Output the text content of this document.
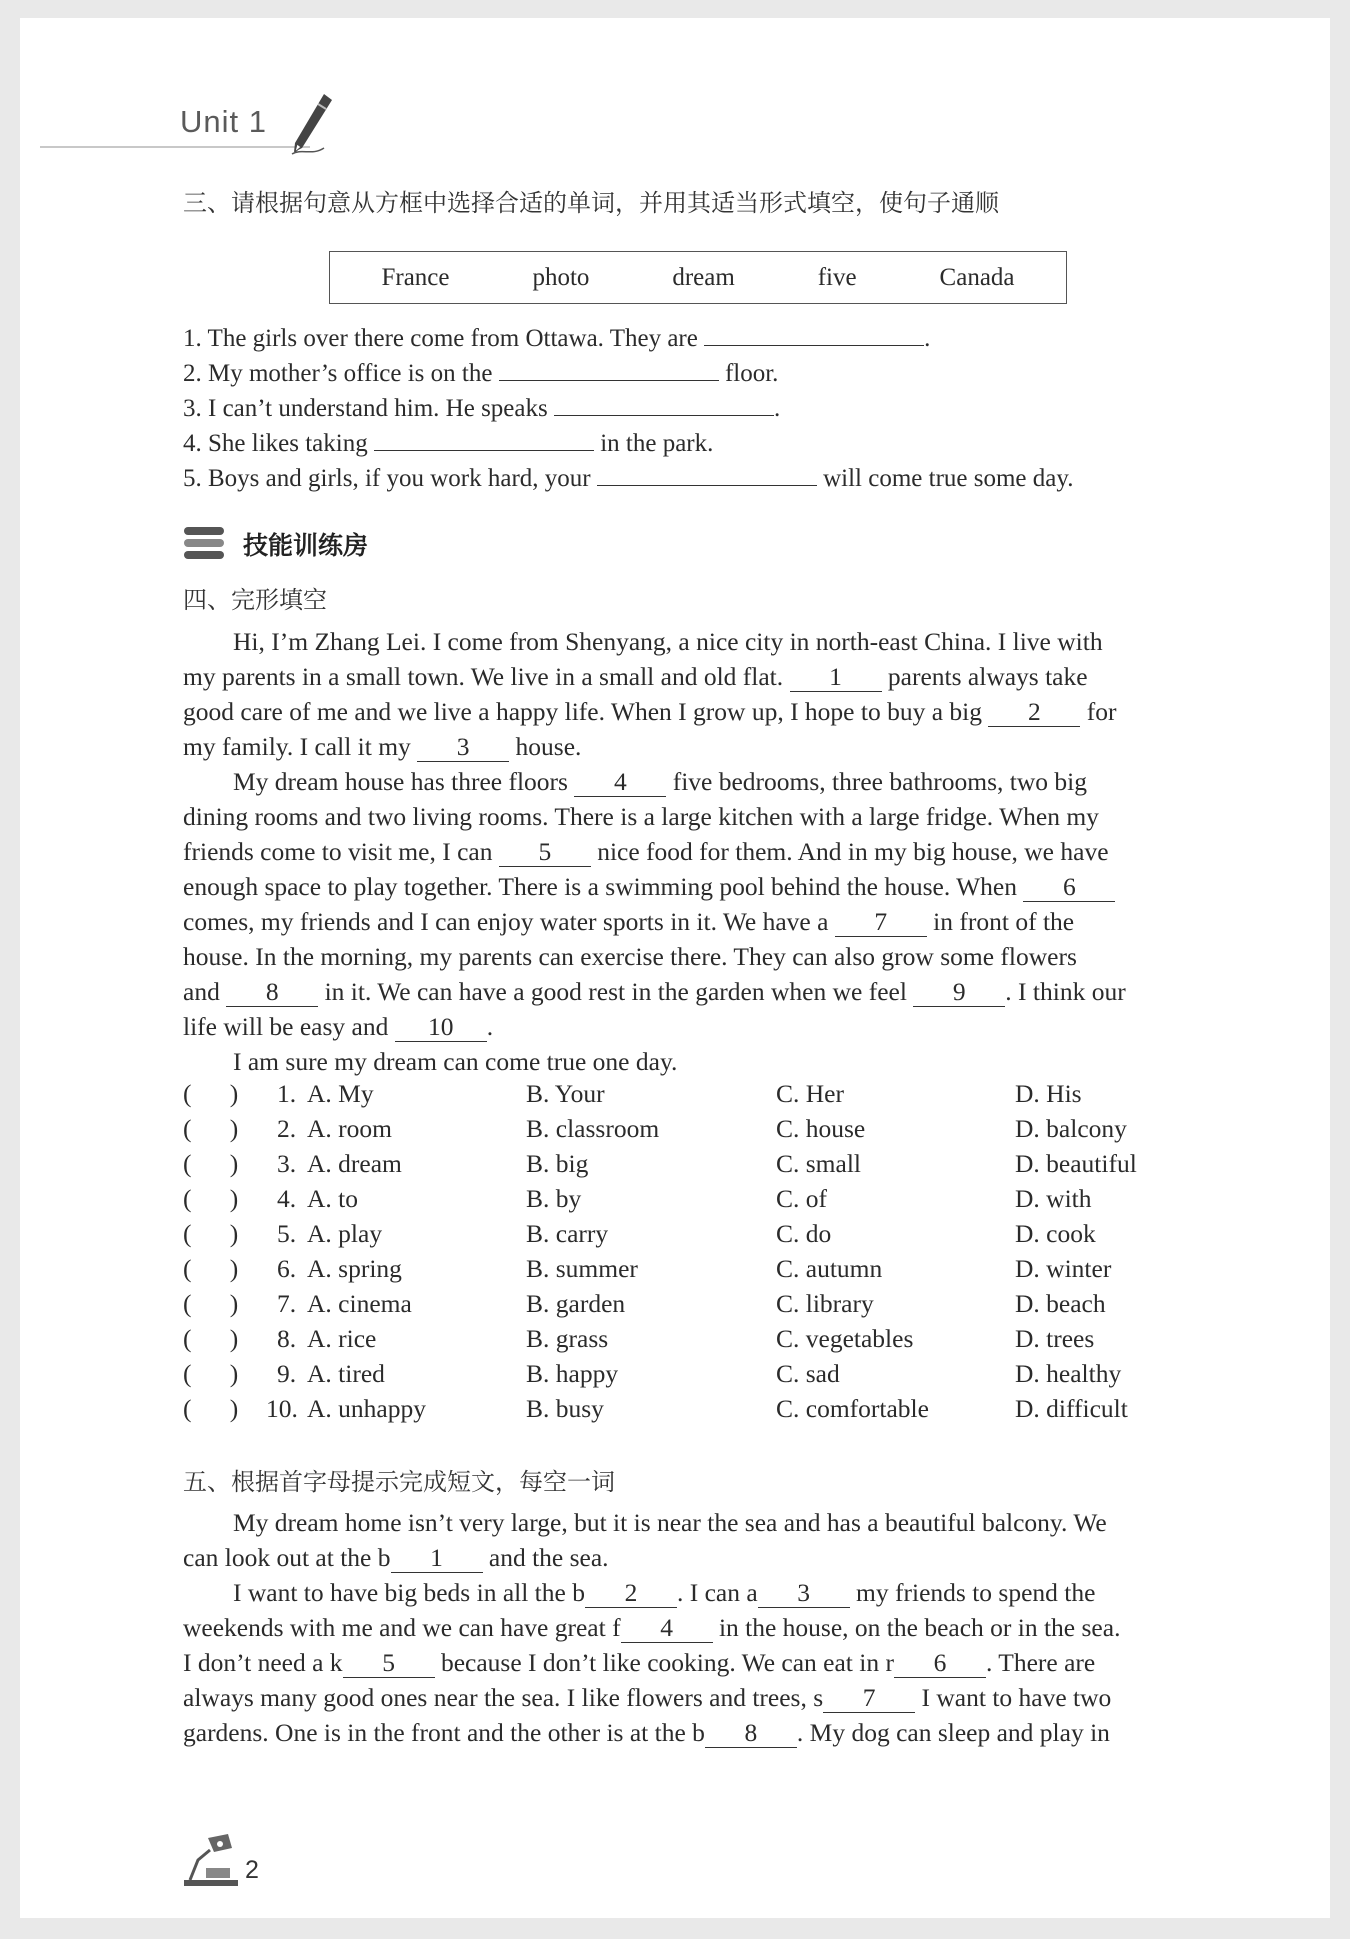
Unit 1
三、请根据句意从方框中选择合适的单词，并用其适当形式填空，使句子通顺
France	photo	dream	five	Canada
1. The girls over there come from Ottawa. They are	.
2. My mother’s office is on the	floor.
3. I can’t understand him. He speaks	.
4. She likes taking	in the park.
5. Boys and girls, if you work hard, your	will come true some day.
技能训练房
四、完形填空

Hi, I’m Zhang Lei. I come from Shenyang, a nice city in north-east China. I live with

my parents in a small town. We live in a small and old flat. 1 parents always take

good care of me and we live a happy life. When I grow up, I hope to buy a big 2 for

my family. I call it my 3 house.

My dream house has three floors 4 five bedrooms, three bathrooms, two big

dining rooms and two living rooms. There is a large kitchen with a large fridge. When my

friends come to visit me, I can 5 nice food for them. And in my big house, we have

enough space to play together. There is a swimming pool behind the house. When 6

comes, my friends and I can enjoy water sports in it. We have a 7 in front of the

house. In the morning, my parents can exercise there. They can also grow some flowers

and 8 in it. We can have a good rest in the garden when we feel 9 . I think our

life will be easy and 10 .

I am sure my dream can come true one day.

(      ) 1. A. My	B. Your	C. Her	D. His
(      ) 2. A. room	B. classroom	C. house	D. balcony
(      ) 3. A. dream	B. big	C. small	D. beautiful
(      ) 4. A. to	B. by	C. of	D. with
(      ) 5. A. play	B. carry	C. do	D. cook
(      ) 6. A. spring	B. summer	C. autumn	D. winter
(      ) 7. A. cinema	B. garden	C. library	D. beach
(      ) 8. A. rice	B. grass	C. vegetables	D. trees
(      ) 9. A. tired	B. happy	C. sad	D. healthy
(      ) 10. A. unhappy	B. busy	C. comfortable	D. difficult
五、根据首字母提示完成短文，每空一词

My dream home isn’t very large, but it is near the sea and has a beautiful balcony. We

can look out at the b 1 and the sea.

I want to have big beds in all the b 2 . I can a 3 my friends to spend the

weekends with me and we can have great f 4 in the house, on the beach or in the sea.

I don’t need a k 5 because I don’t like cooking. We can eat in r 6 . There are

always many good ones near the sea. I like flowers and trees, s 7 I want to have two

gardens. One is in the front and the other is at the b 8 . My dog can sleep and play in

2
